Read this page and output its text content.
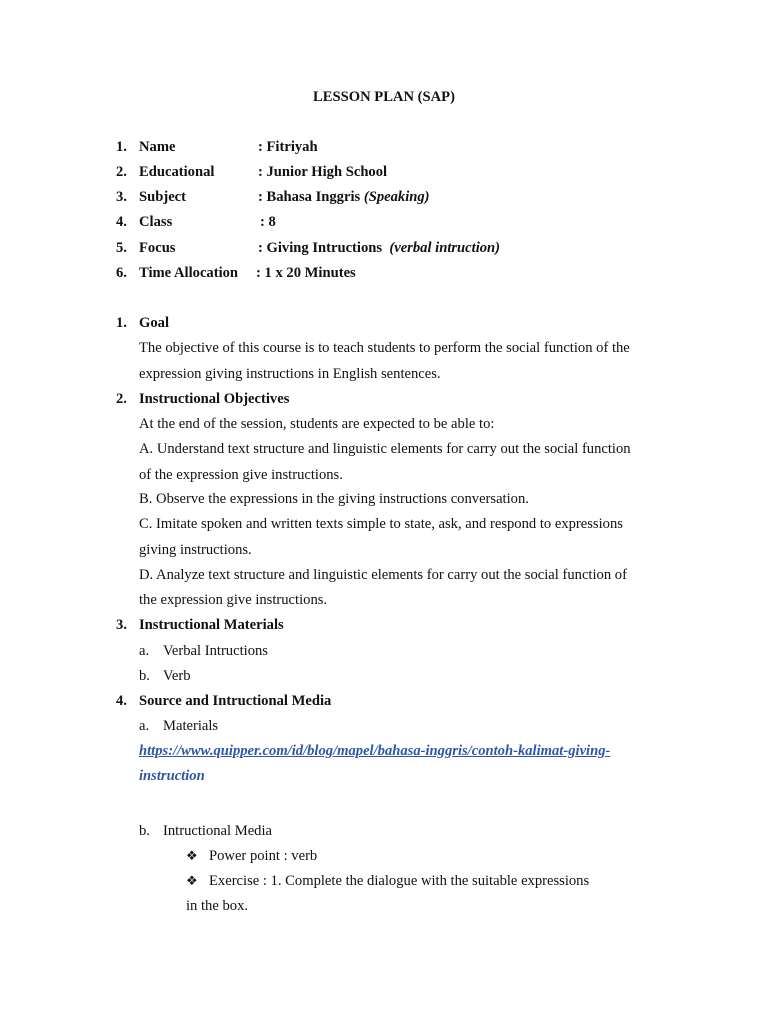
LESSON PLAN (SAP)
1. Name	: Fitriyah
2. Educational	: Junior High School
3. Subject	: Bahasa Inggris (Speaking)
4. Class	: 8
5. Focus	: Giving Intructions (verbal intruction)
6. Time Allocation : 1 x 20 Minutes
1. Goal
The objective of this course is to teach students to perform the social function of the
expression giving instructions in English sentences.
2. Instructional Objectives
At the end of the session, students are expected to be able to:
A. Understand text structure and linguistic elements for carry out the social function
of the expression give instructions.
B. Observe the expressions in the giving instructions conversation.
C. Imitate spoken and written texts simple to state, ask, and respond to expressions
giving instructions.
D. Analyze text structure and linguistic elements for carry out the social function of
the expression give instructions.
3. Instructional Materials
a. Verbal Intructions
b. Verb
4. Source and Intructional Media
a. Materials
https://www.quipper.com/id/blog/mapel/bahasa-inggris/contoh-kalimat-giving-
instruction
b. Intructional Media
❖ Power point : verb
❖ Exercise : 1. Complete the dialogue with the suitable expressions
in the box.
